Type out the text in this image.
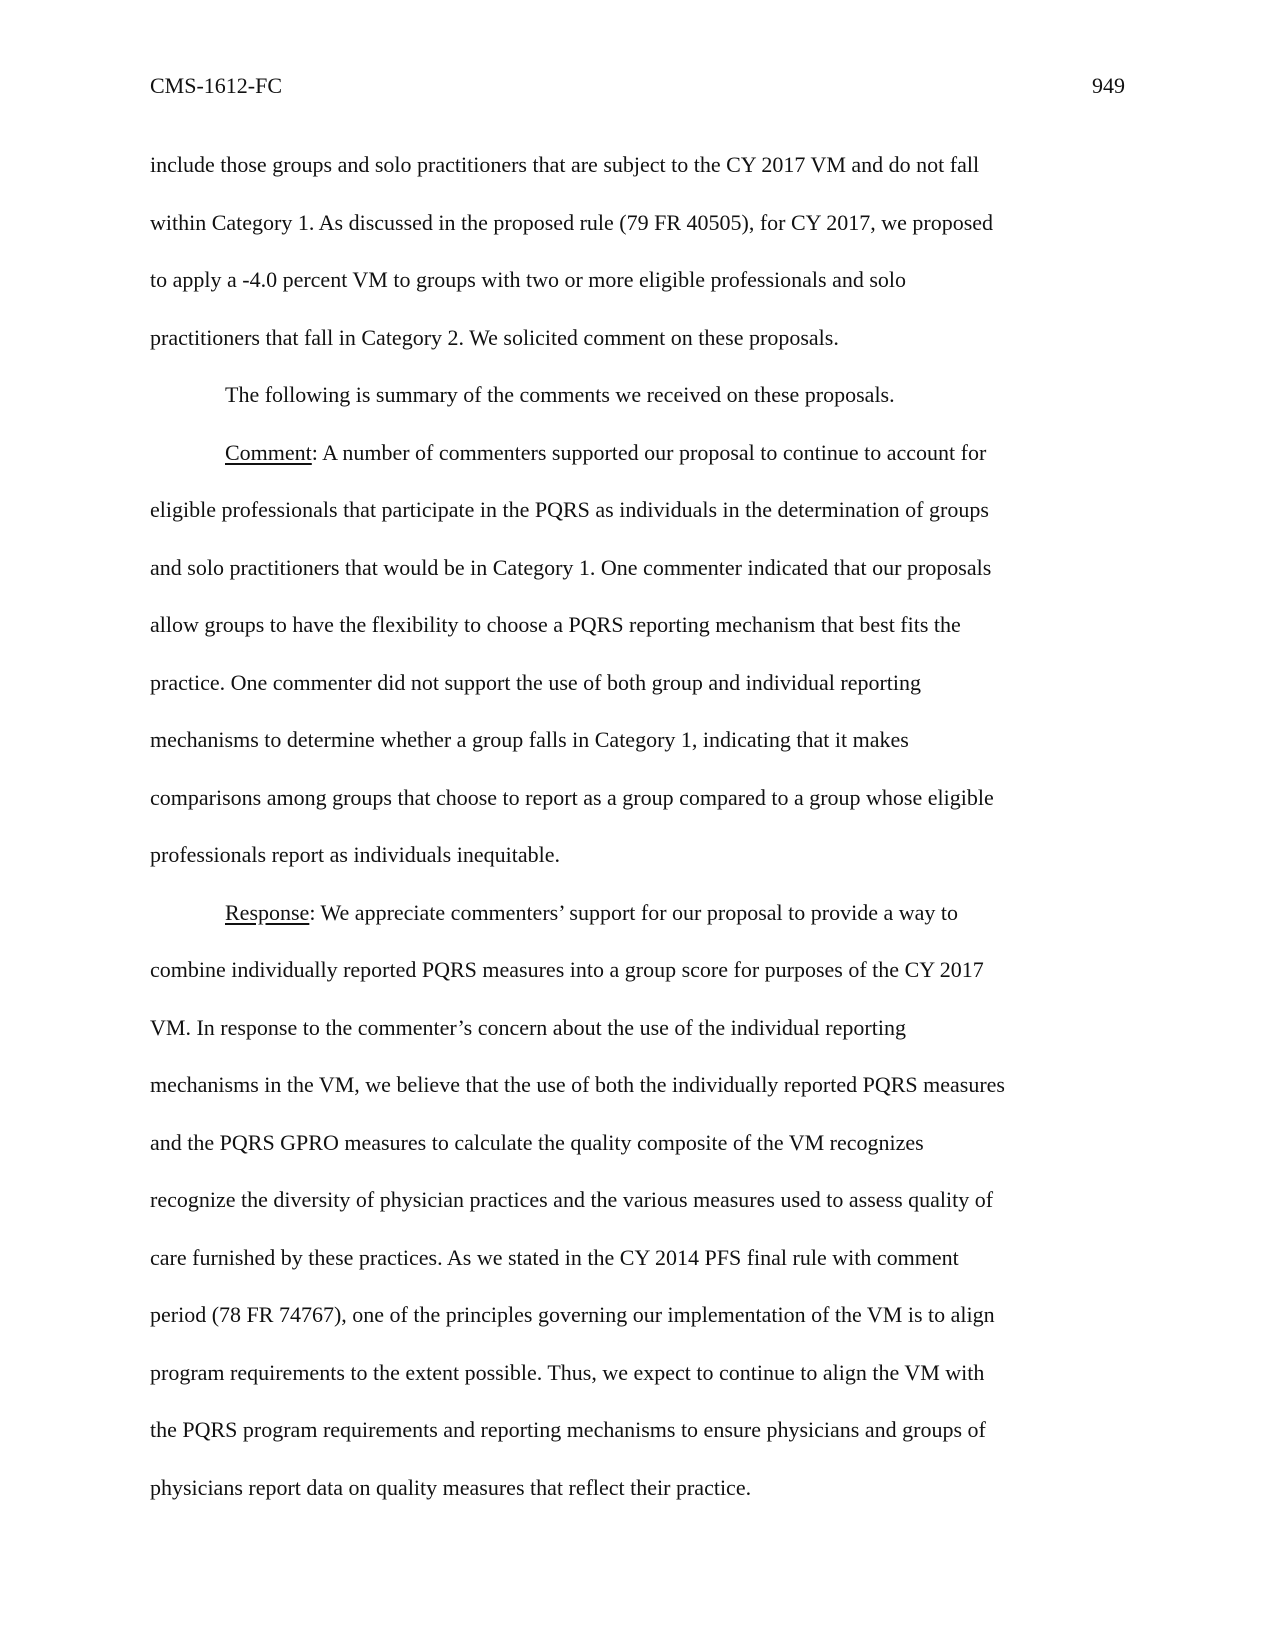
CMS-1612-FC	949
include those groups and solo practitioners that are subject to the CY 2017 VM and do not fall
within Category 1. As discussed in the proposed rule (79 FR 40505), for CY 2017, we proposed
to apply a -4.0 percent VM to groups with two or more eligible professionals and solo
practitioners that fall in Category 2. We solicited comment on these proposals.
The following is summary of the comments we received on these proposals.
Comment: A number of commenters supported our proposal to continue to account for
eligible professionals that participate in the PQRS as individuals in the determination of groups
and solo practitioners that would be in Category 1. One commenter indicated that our proposals
allow groups to have the flexibility to choose a PQRS reporting mechanism that best fits the
practice. One commenter did not support the use of both group and individual reporting
mechanisms to determine whether a group falls in Category 1, indicating that it makes
comparisons among groups that choose to report as a group compared to a group whose eligible
professionals report as individuals inequitable.
Response: We appreciate commenters’ support for our proposal to provide a way to
combine individually reported PQRS measures into a group score for purposes of the CY 2017
VM. In response to the commenter’s concern about the use of the individual reporting
mechanisms in the VM, we believe that the use of both the individually reported PQRS measures
and the PQRS GPRO measures to calculate the quality composite of the VM recognizes
recognize the diversity of physician practices and the various measures used to assess quality of
care furnished by these practices. As we stated in the CY 2014 PFS final rule with comment
period (78 FR 74767), one of the principles governing our implementation of the VM is to align
program requirements to the extent possible. Thus, we expect to continue to align the VM with
the PQRS program requirements and reporting mechanisms to ensure physicians and groups of
physicians report data on quality measures that reflect their practice.
